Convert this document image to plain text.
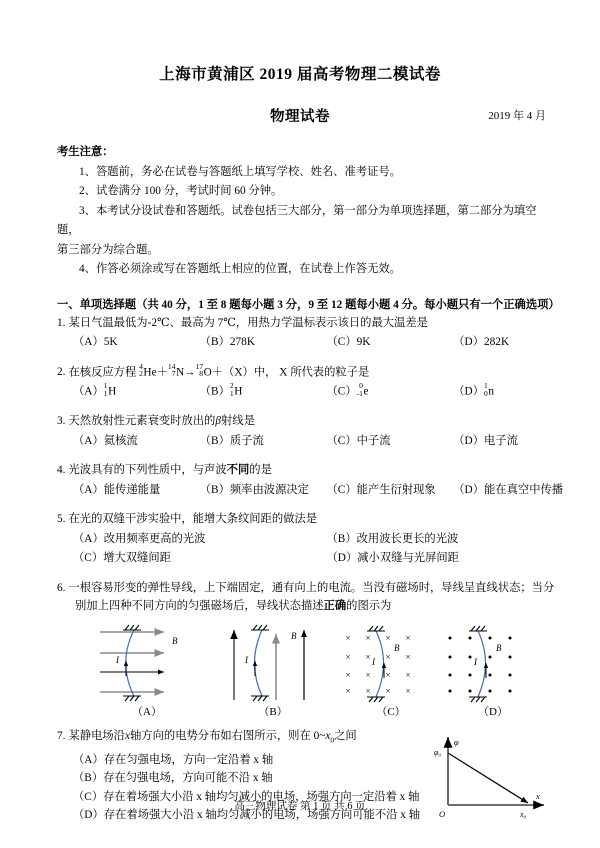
上海市黄浦区 2019 届高考物理二模试卷
物理试卷	2019 年 4 月
考生注意：
1、答题前，务必在试卷与答题纸上填写学校、姓名、准考证号。
2、试卷满分 100 分，考试时间 60 分钟。
3、本考试分设试卷和答题纸。试卷包括三大部分，第一部分为单项选择题，第二部分为填空题，
第三部分为综合题。
4、作答必须涂或写在答题纸上相应的位置，在试卷上作答无效。
一、单项选择题（共 40 分，1 至 8 题每小题 3 分，9 至 12 题每小题 4 分。每小题只有一个正确选项）
1. 某日气温最低为-2℃、最高为 7℃，用热力学温标表示该日的最大温差是
（A）5K	（B）278K	（C）9K	（D）282K
2. 在核反应方程 4
2 He＋ 14
7 N→ 17
8 O＋（X）中， X 所代表的粒子是
（A） 1
1 H	（B） 2
1 H	（C） 0
-1 e	（D） 1
0 n
3. 天然放射性元素衰变时放出的β射线是
（A）氦核流	（B）质子流	（C）中子流	（D）电子流
4. 光波具有的下列性质中，与声波不同的是
（A）能传递能量	（B）频率由波源决定	（C）能产生衍射现象	（D）能在真空中传播
5. 在光的双缝干涉实验中，能增大条纹间距的做法是
（A）改用频率更高的光波	（B）改用波长更长的光波
（C）增大双缝间距	（D）减小双缝与光屏间距
6. 一根容易形变的弹性导线，上下端固定，通有向上的电流。当没有磁场时，导线呈直线状态；当分
别加上四种不同方向的匀强磁场后，导线状态描述正确的图示为
B
I
（A）
B
I
（B）
× × × ×
× × × ×
× × × ×
× × × ×
B
I
（C）
B
I
（D）
7. 某静电场沿x轴方向的电势分布如右图所示，则在 $0\sim x_0$之间
（A）存在匀强电场，方向一定沿着 x 轴
（B）存在匀强电场，方向可能不沿 x 轴
（C）存在着场强大小沿 x 轴均匀减小的电场，场强方向一定沿着 x 轴
（D）存在着场强大小沿 x 轴均匀减小的电场，场强方向可能不沿 x 轴
φ
φ₀
x
O	x₀
高三物理试卷 第 1 页 共 6 页
